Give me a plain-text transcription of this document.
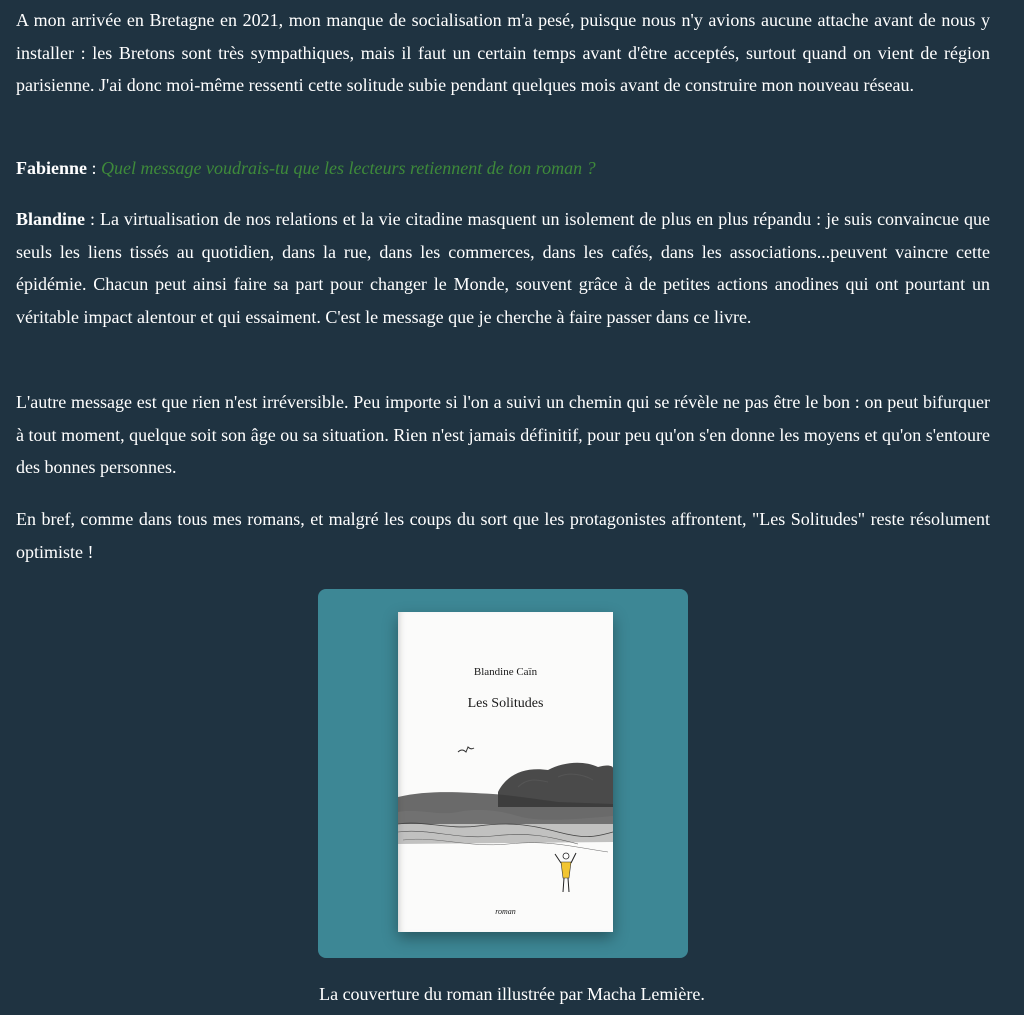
A mon arrivée en Bretagne en 2021, mon manque de socialisation m'a pesé, puisque nous n'y avions aucune attache avant de nous y installer : les Bretons sont très sympathiques, mais il faut un certain temps avant d'être acceptés, surtout quand on vient de région parisienne. J'ai donc moi-même ressenti cette solitude subie pendant quelques mois avant de construire mon nouveau réseau.

Fabienne : Quel message voudrais-tu que les lecteurs retiennent de ton roman ?

Blandine : La virtualisation de nos relations et la vie citadine masquent un isolement de plus en plus répandu : je suis convaincue que seuls les liens tissés au quotidien, dans la rue, dans les commerces, dans les cafés, dans les associations...peuvent vaincre cette épidémie. Chacun peut ainsi faire sa part pour changer le Monde, souvent grâce à de petites actions anodines qui ont pourtant un véritable impact alentour et qui essaiment. C'est le message que je cherche à faire passer dans ce livre.

L'autre message est que rien n'est irréversible. Peu importe si l'on a suivi un chemin qui se révèle ne pas être le bon : on peut bifurquer à tout moment, quelque soit son âge ou sa situation. Rien n'est jamais définitif, pour peu qu'on s'en donne les moyens et qu'on s'entoure des bonnes personnes.

En bref, comme dans tous mes romans, et malgré les coups du sort que les protagonistes affrontent, "Les Solitudes" reste résolument optimiste !

Blandine Caïn
Les Solitudes
roman
La couverture du roman illustrée par Macha Lemière.
